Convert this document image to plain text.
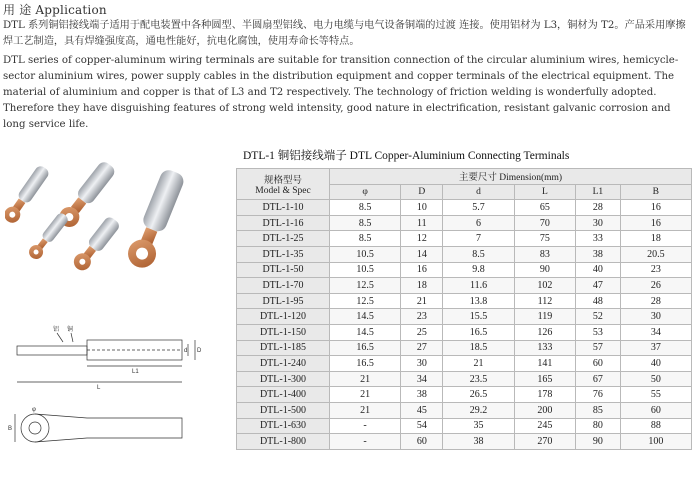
用 途 Application
DTL 系列铜铝接线端子适用于配电装置中各种圆型、半圆扇型铝线、电力电缆与电气设备铜端的过渡 连接。使用铝材为 L3，铜材为 T2。产品采用摩擦焊工艺制造，具有焊缝强度高，通电性能好，抗电化腐蚀，使用寿命长等特点。
DTL series of copper-aluminum wiring terminals are suitable for transition connection of the circular aluminium wires, hemicycle-sector aluminium wires, power supply cables in the distribution equipment and copper terminals of the electrical equipment. The material of aluminium and copper is that of L3 and T2 respectively. The technology of friction welding is wonderfully adopted. Therefore they have disguishing features of strong weld intensity, good nature in electrification, resistant galvanic corrosion and long service life.
铝 铜
d D
L1
L
B
φ
DTL-1 铜铝接线端子 DTL Copper-Aluminium Connecting Terminals
规格型号
Model & Spec	主要尺寸 Dimension(mm)					
	φ	D	d	L	L1	B
DTL-1-10	8.5	10	5.7	65	28	16
DTL-1-16	8.5	11	6	70	30	16
DTL-1-25	8.5	12	7	75	33	18
DTL-1-35	10.5	14	8.5	83	38	20.5
DTL-1-50	10.5	16	9.8	90	40	23
DTL-1-70	12.5	18	11.6	102	47	26
DTL-1-95	12.5	21	13.8	112	48	28
DTL-1-120	14.5	23	15.5	119	52	30
DTL-1-150	14.5	25	16.5	126	53	34
DTL-1-185	16.5	27	18.5	133	57	37
DTL-1-240	16.5	30	21	141	60	40
DTL-1-300	21	34	23.5	165	67	50
DTL-1-400	21	38	26.5	178	76	55
DTL-1-500	21	45	29.2	200	85	60
DTL-1-630	-	54	35	245	80	88
DTL-1-800	-	60	38	270	90	100
